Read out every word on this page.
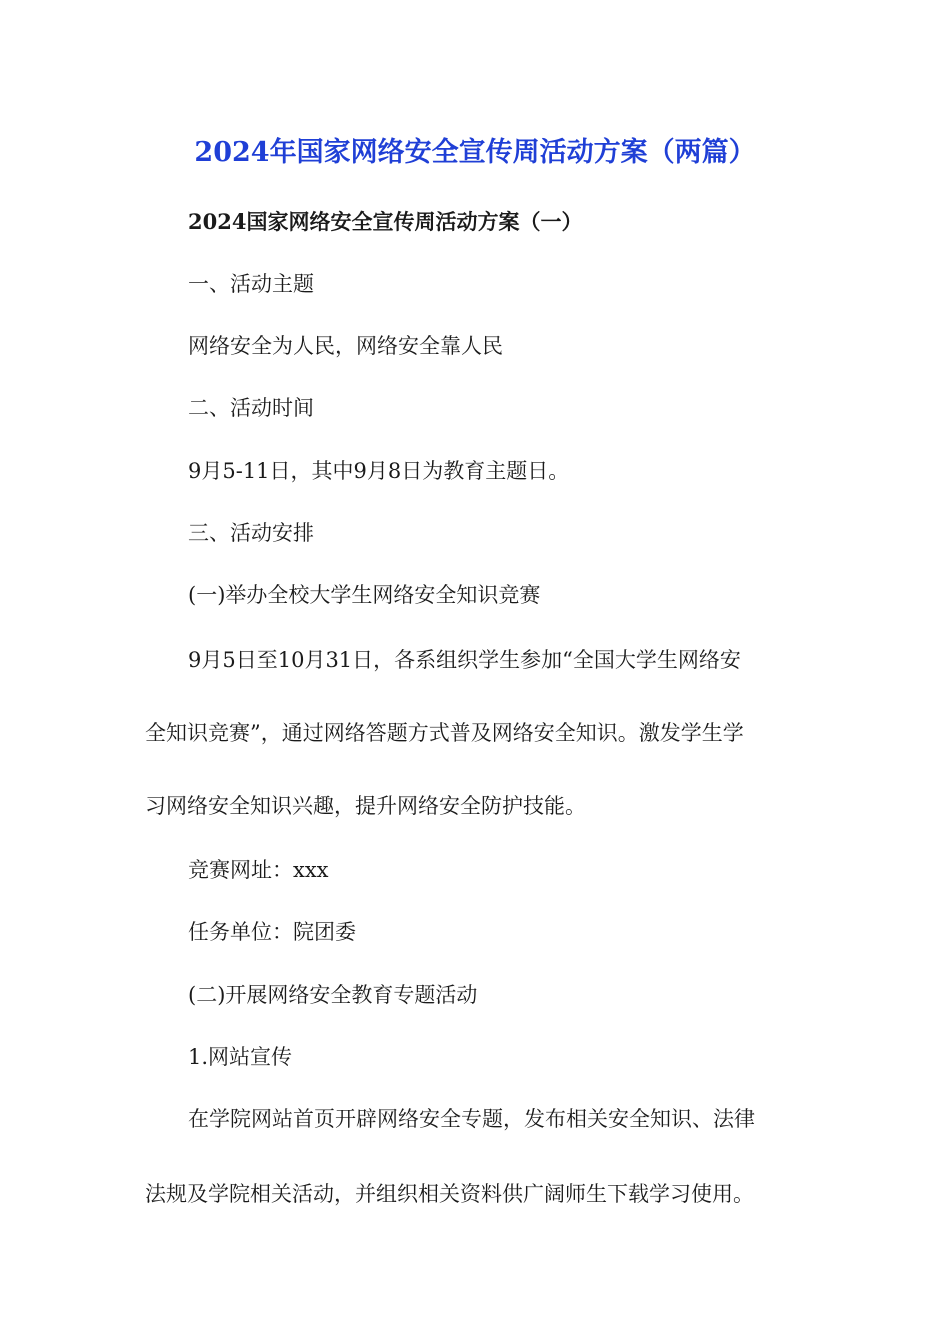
2024年国家网络安全宣传周活动方案（两篇）
2024国家网络安全宣传周活动方案（一）
一、活动主题
网络安全为人民，网络安全靠人民
二、活动时间
9月5-11日，其中9月8日为教育主题日。
三、活动安排
(一)举办全校大学生网络安全知识竞赛
9月5日至10月31日，各系组织学生参加“全国大学生网络安
全知识竞赛”，通过网络答题方式普及网络安全知识。激发学生学
习网络安全知识兴趣，提升网络安全防护技能。
竞赛网址：xxx
任务单位：院团委
(二)开展网络安全教育专题活动
1.网站宣传
在学院网站首页开辟网络安全专题，发布相关安全知识、法律
法规及学院相关活动，并组织相关资料供广阔师生下载学习使用。
